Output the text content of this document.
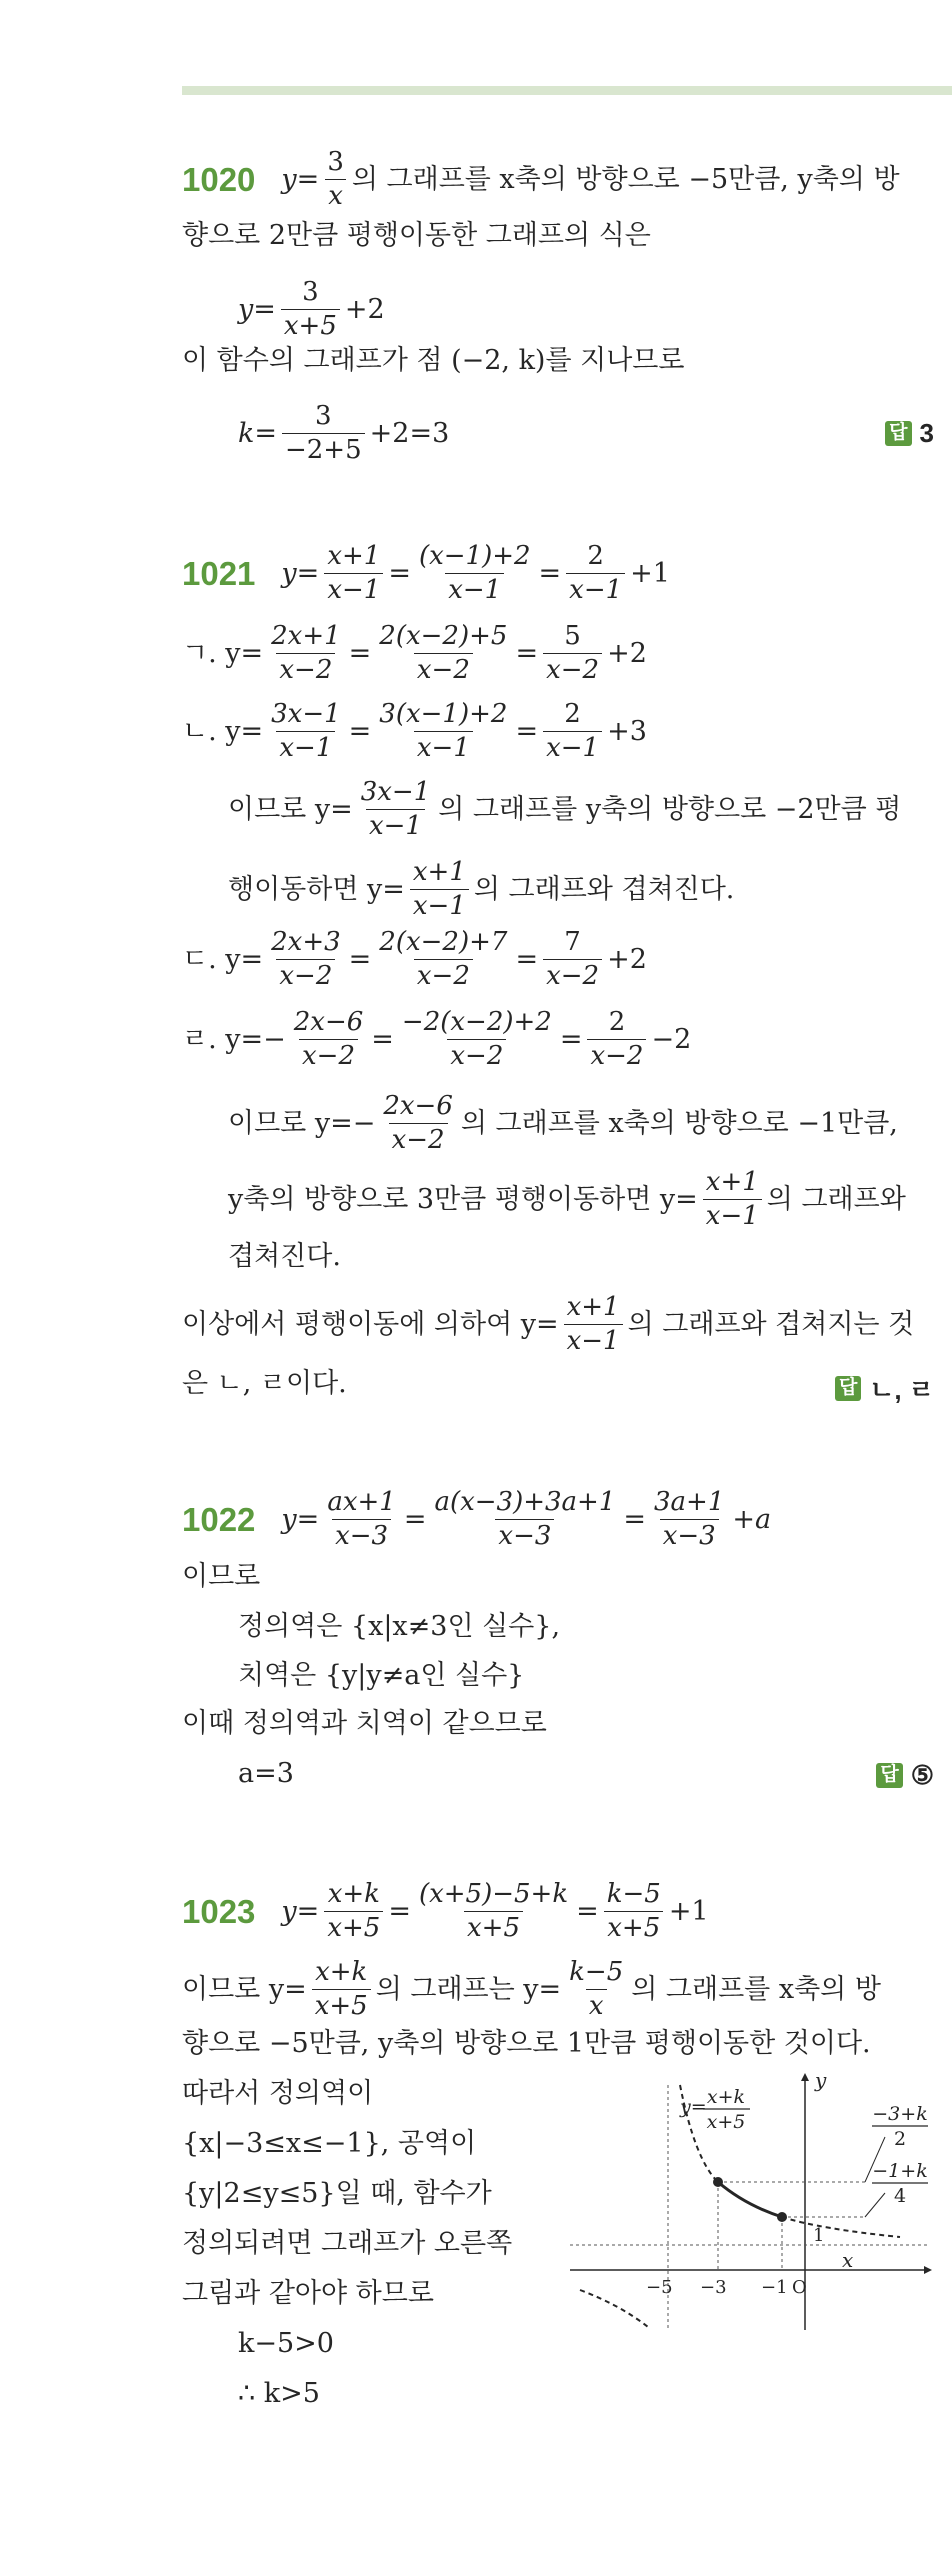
1020 $y= \frac{3}{x}$ 의 그래프를 x축의 방향으로 −5만큼, y축의 방
향으로 2만큼 평행이동한 그래프의 식은
$y= \frac{3}{x+5} +2$
이 함수의 그래프가 점 (−2, k)를 지나므로
$k= \frac{3}{-2+5} +2=3$	답 3
1021 $y= \frac{x+1}{x-1} = \frac{(x-1)+2}{x-1} = \frac{2}{x-1} +1$
ㄱ. $y= \frac{2x+1}{x-2} = \frac{2(x-2)+5}{x-2} = \frac{5}{x-2} +2$
ㄴ. $y= \frac{3x-1}{x-1} = \frac{3(x-1)+2}{x-1} = \frac{2}{x-1} +3$
이므로 $y= \frac{3x-1}{x-1}$ 의 그래프를 y축의 방향으로 −2만큼 평
행이동하면 $y= \frac{x+1}{x-1}$ 의 그래프와 겹쳐진다.
ㄷ. $y= \frac{2x+3}{x-2} = \frac{2(x-2)+7}{x-2} = \frac{7}{x-2} +2$
ㄹ. $y=- \frac{2x-6}{x-2} = \frac{-2(x-2)+2}{x-2} = \frac{2}{x-2} -2$
이므로 $y=- \frac{2x-6}{x-2}$ 의 그래프를 x축의 방향으로 −1만큼,
y축의 방향으로 3만큼 평행이동하면 $y= \frac{x+1}{x-1}$ 의 그래프와
겹쳐진다.
이상에서 평행이동에 의하여 $y= \frac{x+1}{x-1}$ 의 그래프와 겹쳐지는 것
은 ㄴ, ㄹ이다.	답 ㄴ, ㄹ
1022 $y= \frac{ax+1}{x-3} = \frac{a(x-3)+3a+1}{x-3} = \frac{3a+1}{x-3} +a$
이므로
정의역은 {x|x≠3인 실수},
치역은 {y|y≠a인 실수}
이때 정의역과 치역이 같으므로
a=3	답 ⑤
1023 $y= \frac{x+k}{x+5} = \frac{(x+5)-5+k}{x+5} = \frac{k-5}{x+5} +1$
이므로 $y= \frac{x+k}{x+5}$ 의 그래프는 $y= \frac{k-5}{x}$ 의 그래프를 x축의 방
향으로 −5만큼, y축의 방향으로 1만큼 평행이동한 것이다.
따라서 정의역이
{x|−3≤x≤−1}, 공역이
{y|2≤y≤5}일 때, 함수가
정의되려면 그래프가 오른쪽
그림과 같아야 하므로
k−5>0
∴ k>5
y
x
y= x+k
x+5	−3+k
2
−1+k
4
1
−5 −3 −1 O
